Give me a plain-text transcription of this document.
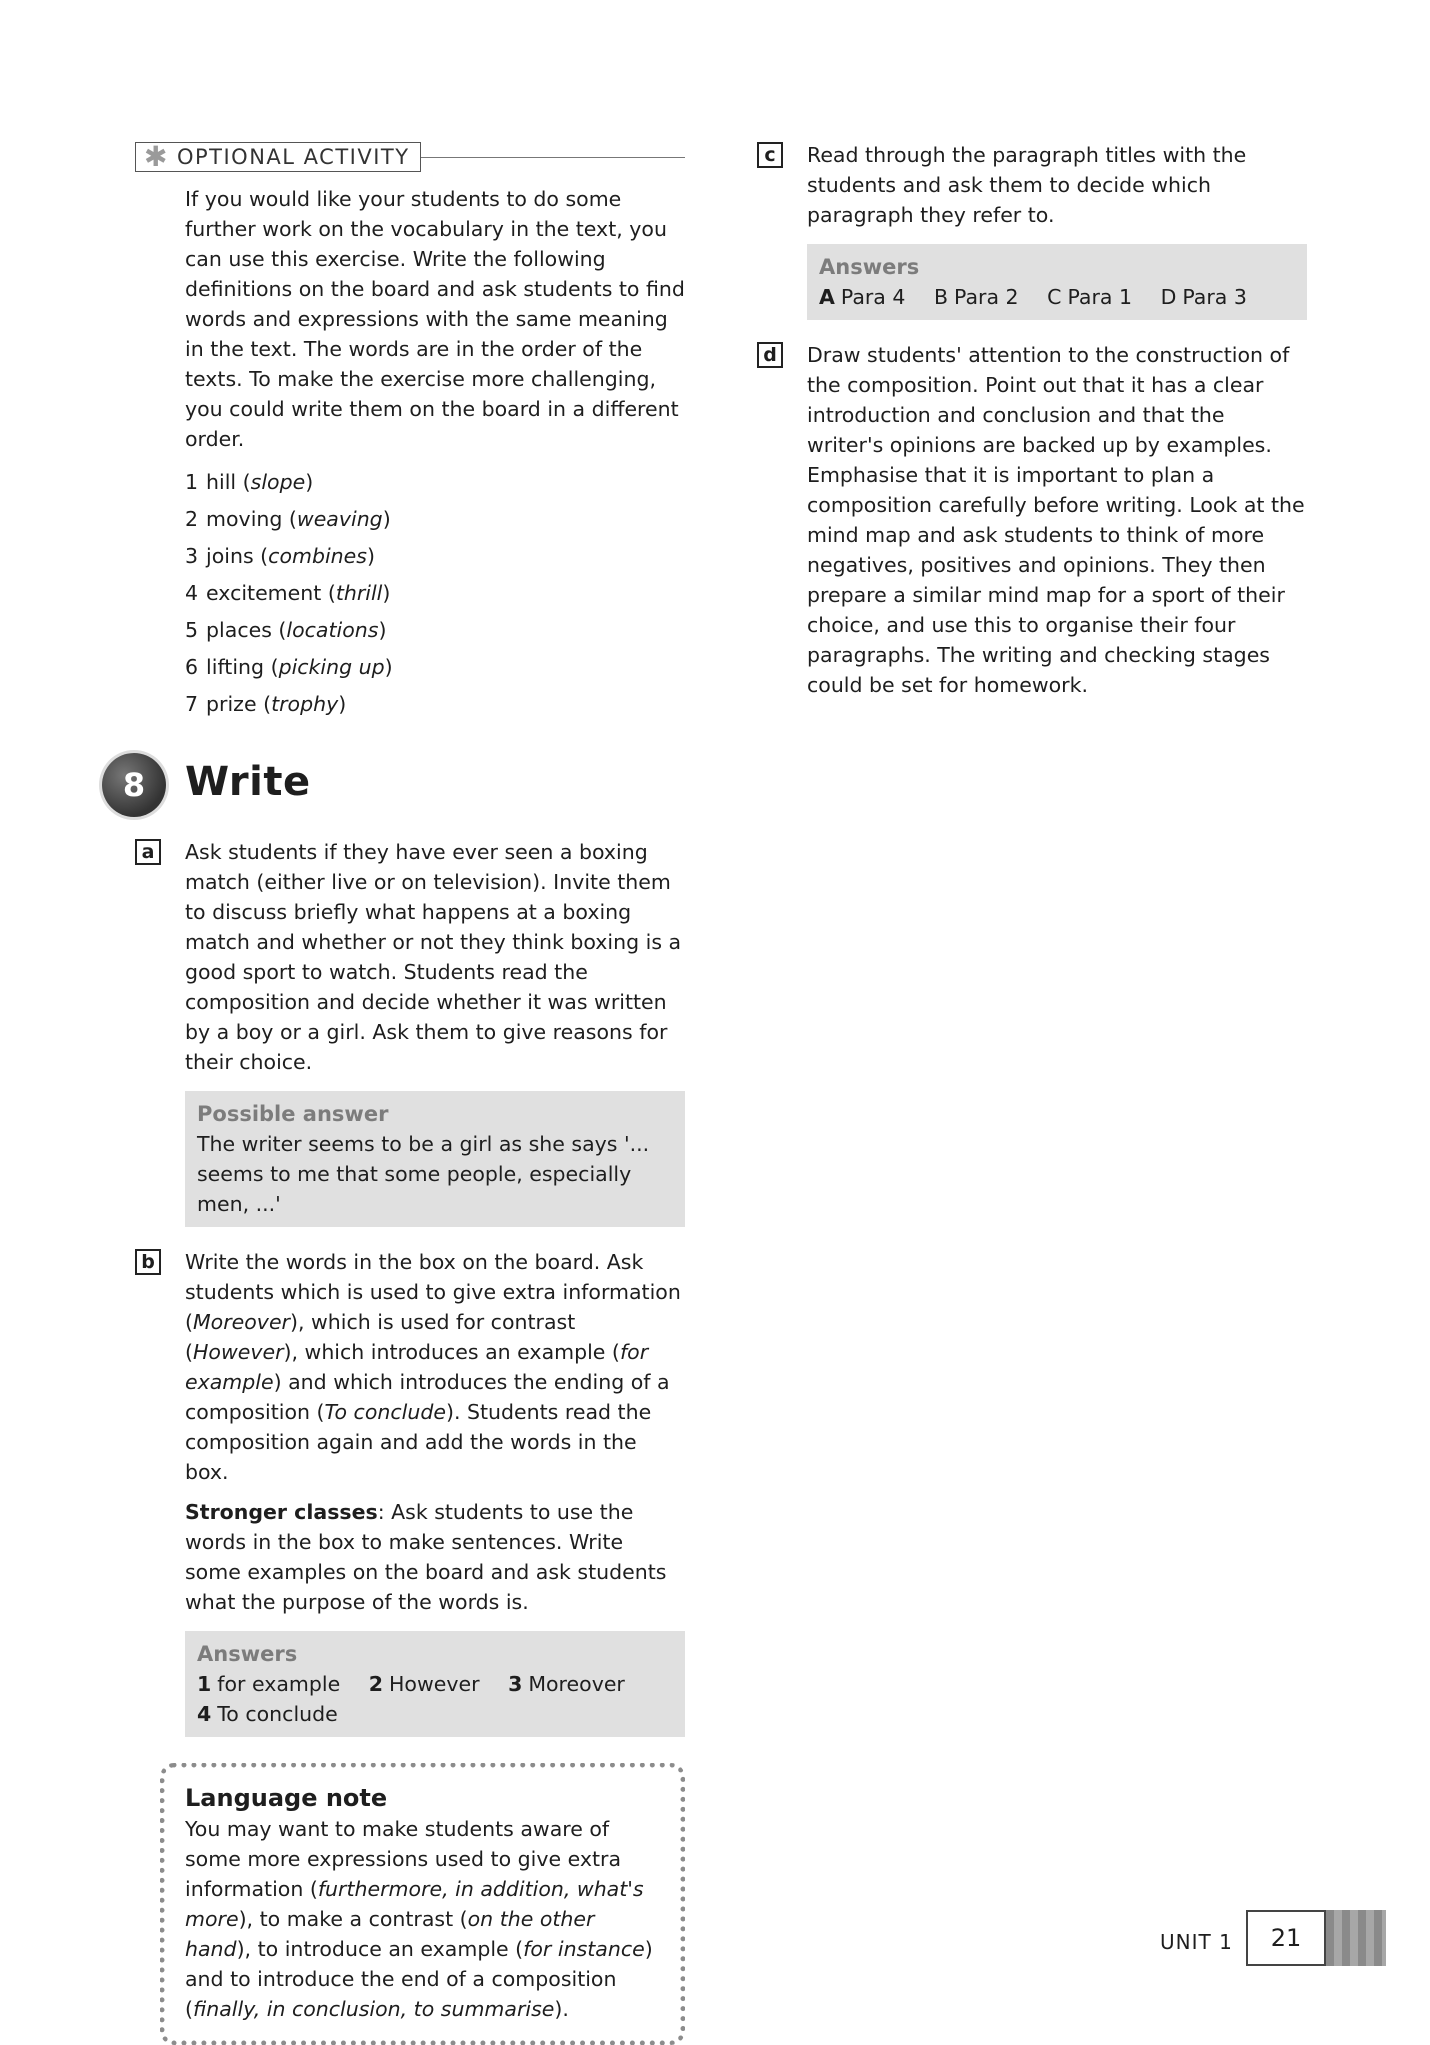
✱ OPTIONAL ACTIVITY

If you would like your students to do some further work on the vocabulary in the text, you can use this exercise. Write the following definitions on the board and ask students to find words and expressions with the same meaning in the text. The words are in the order of the texts. To make the exercise more challenging, you could write them on the board in a different order.

1 hill (slope)
2 moving (weaving)
3 joins (combines)
4 excitement (thrill)
5 places (locations)
6 lifting (picking up)
7 prize (trophy)
8 Write
a	Ask students if they have ever seen a boxing match (either live or on television). Invite them to discuss briefly what happens at a boxing match and whether or not they think boxing is a good sport to watch. Students read the composition and decide whether it was written by a boy or a girl. Ask them to give reasons for their choice.

Possible answer
The writer seems to be a girl as she says '... seems to me that some people, especially men, ...'
b	Write the words in the box on the board. Ask students which is used to give extra information (Moreover), which is used for contrast (However), which introduces an example (for example) and which introduces the ending of a composition (To conclude). Students read the composition again and add the words in the box.

Stronger classes: Ask students to use the words in the box to make sentences. Write some examples on the board and ask students what the purpose of the words is.

Answers
1 for example 2 However 3 Moreover
4 To conclude
Language note

You may want to make students aware of some more expressions used to give extra information (furthermore, in addition, what's more), to make a contrast (on the other hand), to introduce an example (for instance) and to introduce the end of a composition (finally, in conclusion, to summarise).

c	Read through the paragraph titles with the students and ask them to decide which paragraph they refer to.

Answers
A Para 4 B Para 2 C Para 1 D Para 3
d	Draw students' attention to the construction of the composition. Point out that it has a clear introduction and conclusion and that the writer's opinions are backed up by examples. Emphasise that it is important to plan a composition carefully before writing. Look at the mind map and ask students to think of more negatives, positives and opinions. They then prepare a similar mind map for a sport of their choice, and use this to organise their four paragraphs. The writing and checking stages could be set for homework.

UNIT 1	21
